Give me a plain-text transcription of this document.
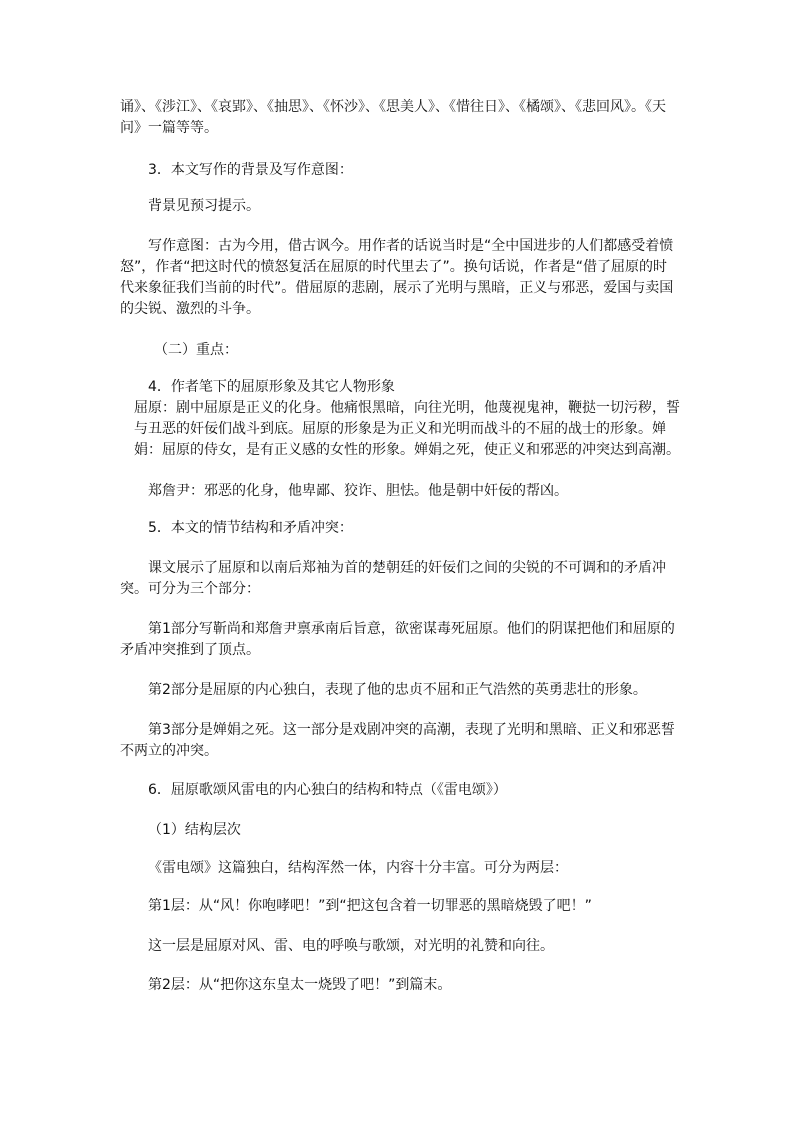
诵》、《涉江》、《哀郢》、《抽思》、《怀沙》、《思美人》、《惜往日》、《橘颂》、《悲回风》。《天问》一篇等等。

3．本文写作的背景及写作意图：

背景见预习提示。

写作意图：古为今用，借古讽今。用作者的话说当时是“全中国进步的人们都感受着愤怒”，作者“把这时代的愤怒复活在屈原的时代里去了”。换句话说，作者是“借了屈原的时代来象征我们当前的时代”。借屈原的悲剧，展示了光明与黑暗，正义与邪恶，爱国与卖国的尖锐、激烈的斗争。

（二）重点：

4．作者笔下的屈原形象及其它人物形象

屈原：剧中屈原是正义的化身。他痛恨黑暗，向往光明，他蔑视鬼神，鞭挞一切污秽，誓与丑恶的奸佞们战斗到底。屈原的形象是为正义和光明而战斗的不屈的战士的形象。婵娟：屈原的侍女，是有正义感的女性的形象。婵娟之死，使正义和邪恶的冲突达到高潮。

郑詹尹：邪恶的化身，他卑鄙、狡诈、胆怯。他是朝中奸佞的帮凶。

5．本文的情节结构和矛盾冲突：

课文展示了屈原和以南后郑袖为首的楚朝廷的奸佞们之间的尖锐的不可调和的矛盾冲突。可分为三个部分：

第1部分写靳尚和郑詹尹禀承南后旨意，欲密谋毒死屈原。他们的阴谋把他们和屈原的矛盾冲突推到了顶点。

第2部分是屈原的内心独白，表现了他的忠贞不屈和正气浩然的英勇悲壮的形象。

第3部分是婵娟之死。这一部分是戏剧冲突的高潮，表现了光明和黑暗、正义和邪恶誓不两立的冲突。

6．屈原歌颂风雷电的内心独白的结构和特点（《雷电颂》）

（1）结构层次

《雷电颂》这篇独白，结构浑然一体，内容十分丰富。可分为两层：

第1层：从“风！你咆哮吧！”到“把这包含着一切罪恶的黑暗烧毁了吧！”

这一层是屈原对风、雷、电的呼唤与歌颂，对光明的礼赞和向往。

第2层：从“把你这东皇太一烧毁了吧！”到篇末。
